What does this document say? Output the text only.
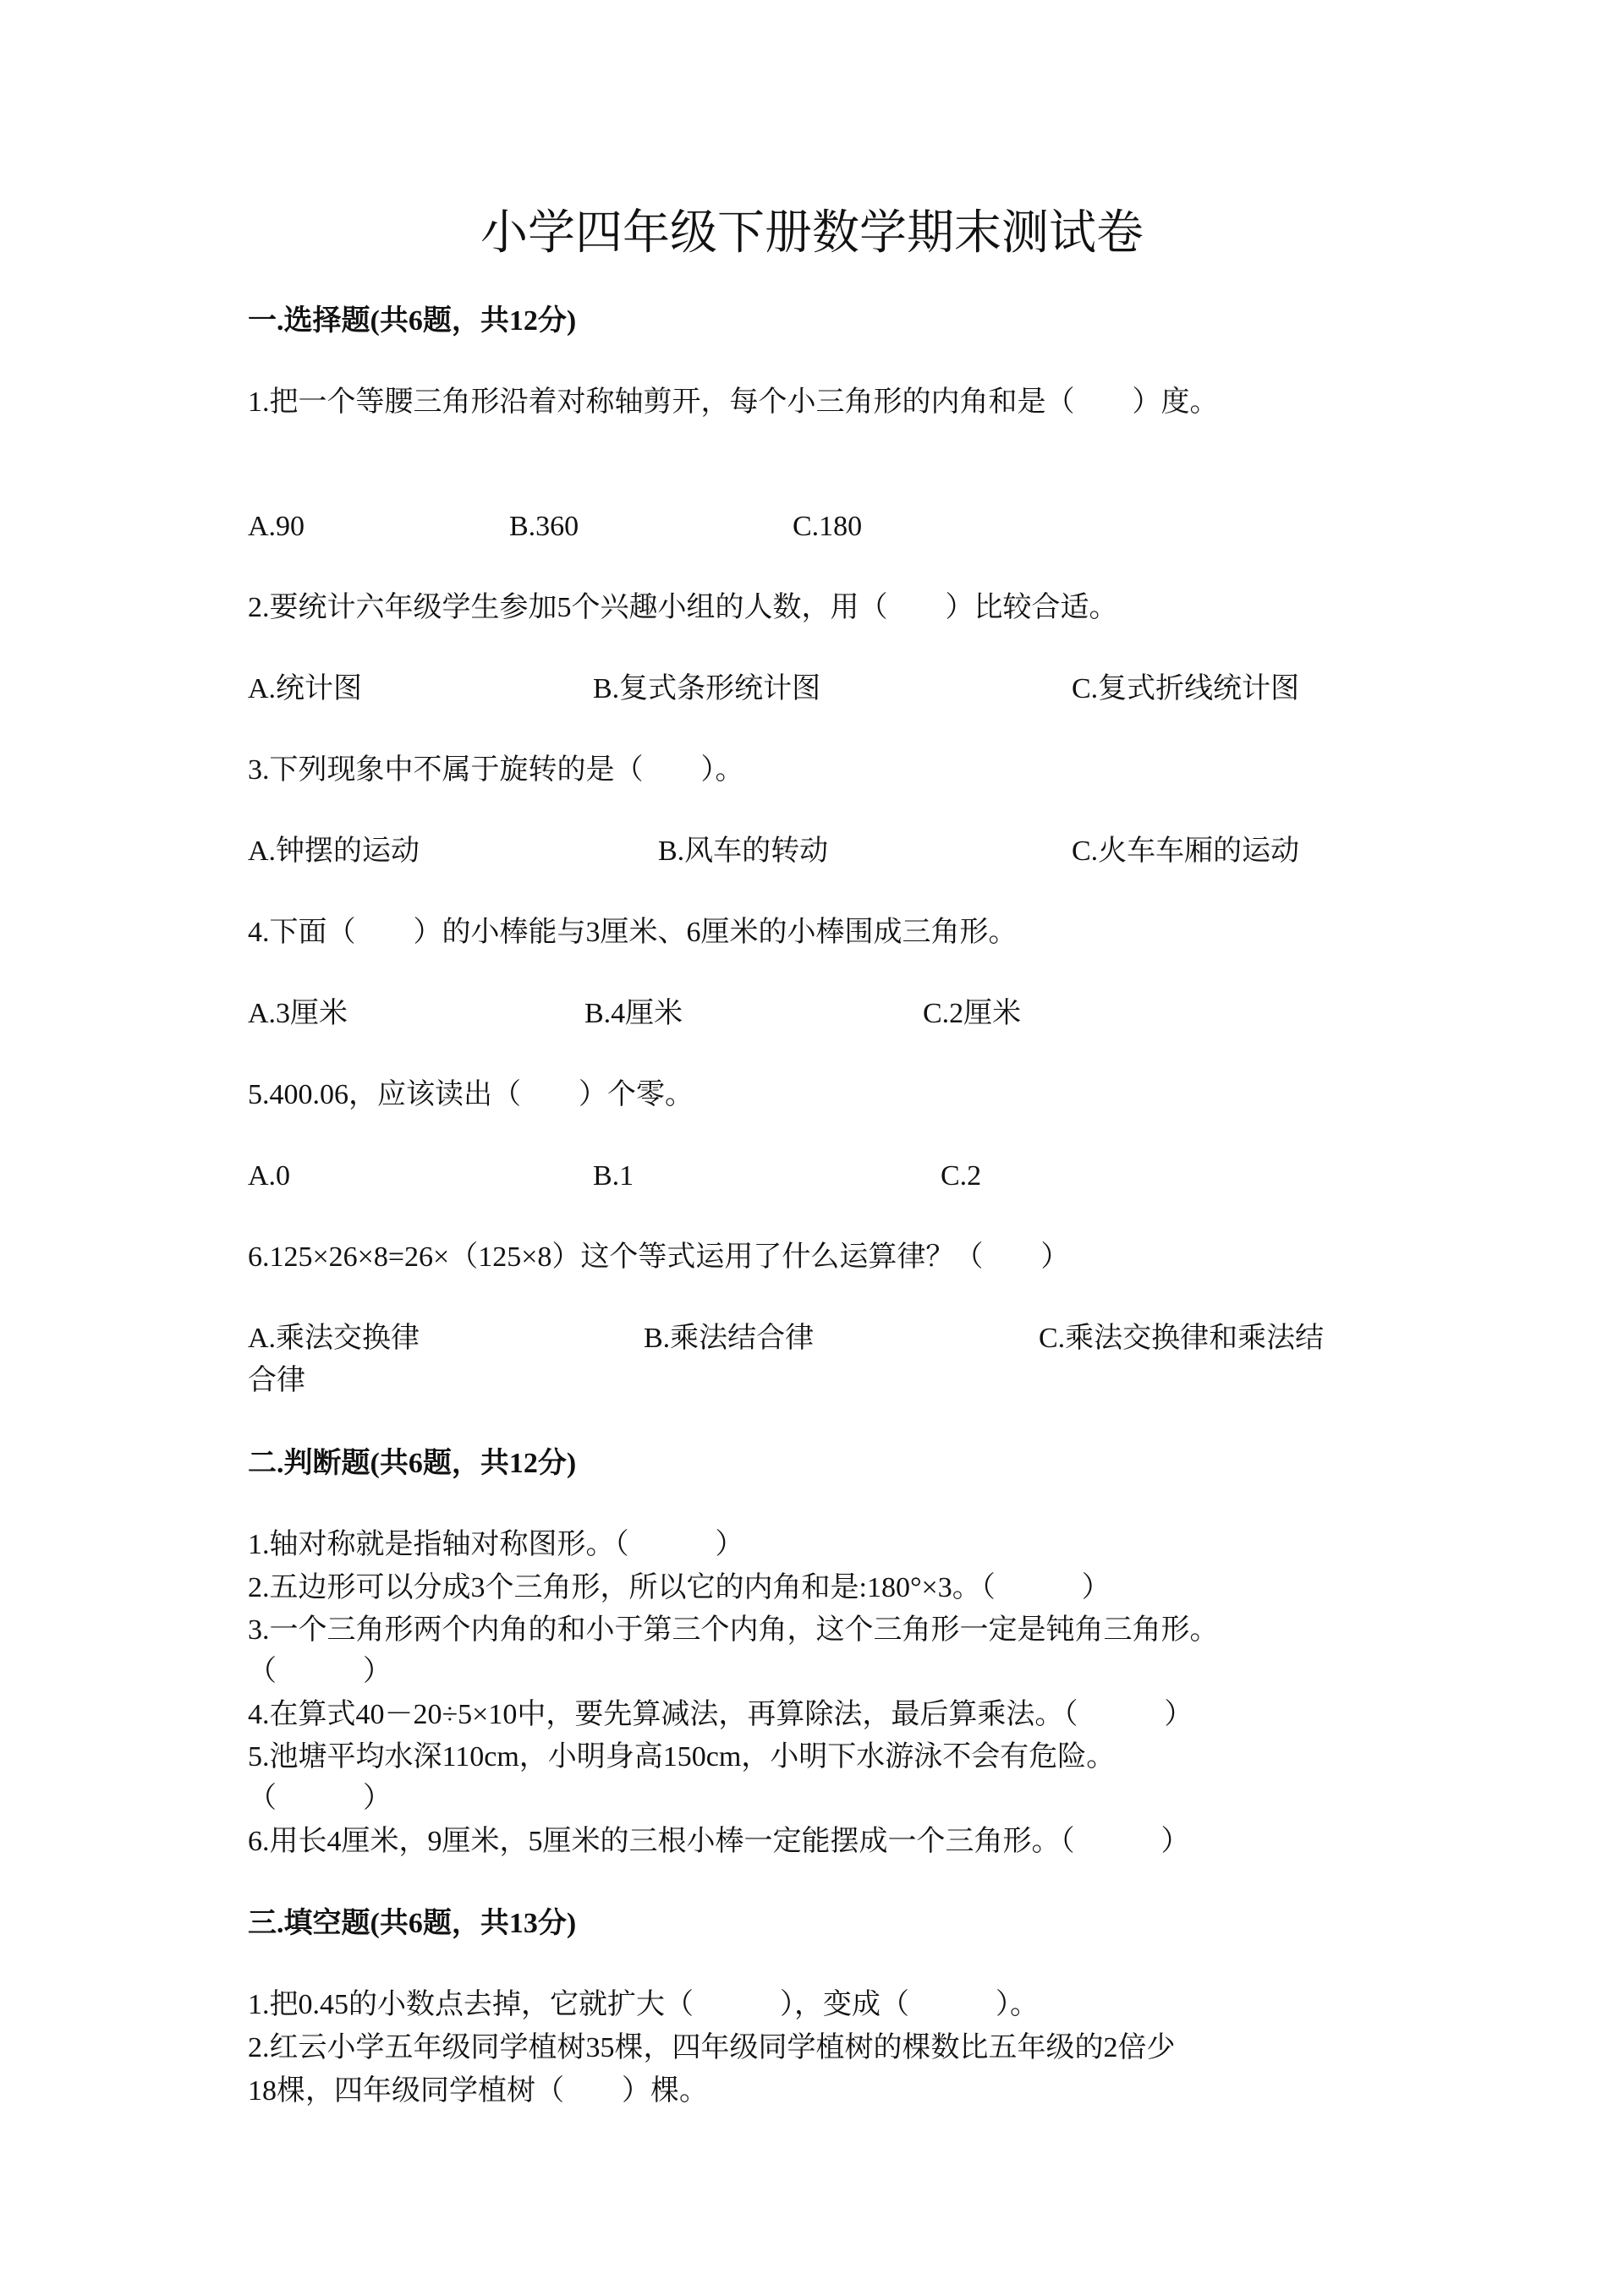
小学四年级下册数学期末测试卷
一.选择题(共6题，共12分)
1.把一个等腰三角形沿着对称轴剪开，每个小三角形的内角和是（　　）度。
A.90	B.360	C.180
2.要统计六年级学生参加5个兴趣小组的人数，用（　　）比较合适。
A.统计图	B.复式条形统计图	C.复式折线统计图
3.下列现象中不属于旋转的是（　　）。
A.钟摆的运动	B.风车的转动	C.火车车厢的运动
4.下面（　　）的小棒能与3厘米、6厘米的小棒围成三角形。
A.3厘米	B.4厘米	C.2厘米
5.400.06，应该读出（　　）个零。
A.0	B.1	C.2
6.125×26×8=26×（125×8）这个等式运用了什么运算律？（　　）
A.乘法交换律	B.乘法结合律	C.乘法交换律和乘法结
合律
二.判断题(共6题，共12分)
1.轴对称就是指轴对称图形。（　　　）
2.五边形可以分成3个三角形，所以它的内角和是:180°×3。（　　　）
3.一个三角形两个内角的和小于第三个内角，这个三角形一定是钝角三角形。
（　　　）
4.在算式40－20÷5×10中，要先算减法，再算除法，最后算乘法。（　　　）
5.池塘平均水深110cm，小明身高150cm，小明下水游泳不会有危险。
（　　　）
6.用长4厘米，9厘米，5厘米的三根小棒一定能摆成一个三角形。（　　　）
三.填空题(共6题，共13分)
1.把0.45的小数点去掉，它就扩大（　　　），变成（　　　）。
2.红云小学五年级同学植树35棵，四年级同学植树的棵数比五年级的2倍少
18棵，四年级同学植树（　　）棵。
